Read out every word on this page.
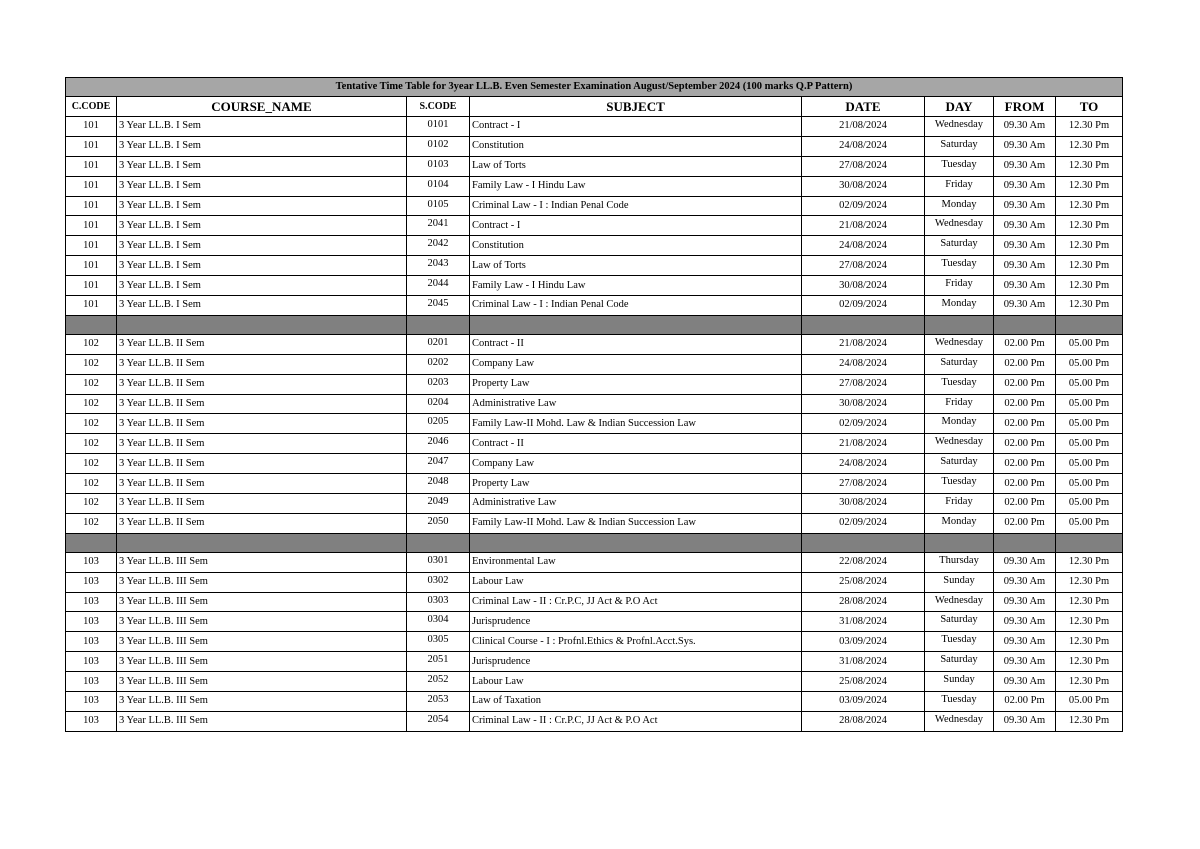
Tentative Time Table for 3year LL.B. Even Semester Examination August/September 2024 (100 marks Q.P Pattern)							
C.CODE	COURSE_NAME	S.CODE	SUBJECT	DATE	DAY	FROM	TO
101	3 Year LL.B. I Sem	0101	Contract - I	21/08/2024	Wednesday	09.30 Am	12.30 Pm
101	3 Year LL.B. I Sem	0102	Constitution	24/08/2024	Saturday	09.30 Am	12.30 Pm
101	3 Year LL.B. I Sem	0103	Law of Torts	27/08/2024	Tuesday	09.30 Am	12.30 Pm
101	3 Year LL.B. I Sem	0104	Family Law - I Hindu Law	30/08/2024	Friday	09.30 Am	12.30 Pm
101	3 Year LL.B. I Sem	0105	Criminal Law - I : Indian Penal Code	02/09/2024	Monday	09.30 Am	12.30 Pm
101	3 Year LL.B. I Sem	2041	Contract - I	21/08/2024	Wednesday	09.30 Am	12.30 Pm
101	3 Year LL.B. I Sem	2042	Constitution	24/08/2024	Saturday	09.30 Am	12.30 Pm
101	3 Year LL.B. I Sem	2043	Law of Torts	27/08/2024	Tuesday	09.30 Am	12.30 Pm
101	3 Year LL.B. I Sem	2044	Family Law - I Hindu Law	30/08/2024	Friday	09.30 Am	12.30 Pm
101	3 Year LL.B. I Sem	2045	Criminal Law - I : Indian Penal Code	02/09/2024	Monday	09.30 Am	12.30 Pm

102	3 Year LL.B. II Sem	0201	Contract - II	21/08/2024	Wednesday	02.00 Pm	05.00 Pm
102	3 Year LL.B. II Sem	0202	Company Law	24/08/2024	Saturday	02.00 Pm	05.00 Pm
102	3 Year LL.B. II Sem	0203	Property Law	27/08/2024	Tuesday	02.00 Pm	05.00 Pm
102	3 Year LL.B. II Sem	0204	Administrative Law	30/08/2024	Friday	02.00 Pm	05.00 Pm
102	3 Year LL.B. II Sem	0205	Family Law-II Mohd. Law & Indian Succession Law	02/09/2024	Monday	02.00 Pm	05.00 Pm
102	3 Year LL.B. II Sem	2046	Contract - II	21/08/2024	Wednesday	02.00 Pm	05.00 Pm
102	3 Year LL.B. II Sem	2047	Company Law	24/08/2024	Saturday	02.00 Pm	05.00 Pm
102	3 Year LL.B. II Sem	2048	Property Law	27/08/2024	Tuesday	02.00 Pm	05.00 Pm
102	3 Year LL.B. II Sem	2049	Administrative Law	30/08/2024	Friday	02.00 Pm	05.00 Pm
102	3 Year LL.B. II Sem	2050	Family Law-II Mohd. Law & Indian Succession Law	02/09/2024	Monday	02.00 Pm	05.00 Pm

103	3 Year LL.B. III Sem	0301	Environmental Law	22/08/2024	Thursday	09.30 Am	12.30 Pm
103	3 Year LL.B. III Sem	0302	Labour Law	25/08/2024	Sunday	09.30 Am	12.30 Pm
103	3 Year LL.B. III Sem	0303	Criminal Law - II : Cr.P.C, JJ Act & P.O Act	28/08/2024	Wednesday	09.30 Am	12.30 Pm
103	3 Year LL.B. III Sem	0304	Jurisprudence	31/08/2024	Saturday	09.30 Am	12.30 Pm
103	3 Year LL.B. III Sem	0305	Clinical Course - I : Profnl.Ethics & Profnl.Acct.Sys.	03/09/2024	Tuesday	09.30 Am	12.30 Pm
103	3 Year LL.B. III Sem	2051	Jurisprudence	31/08/2024	Saturday	09.30 Am	12.30 Pm
103	3 Year LL.B. III Sem	2052	Labour Law	25/08/2024	Sunday	09.30 Am	12.30 Pm
103	3 Year LL.B. III Sem	2053	Law of Taxation	03/09/2024	Tuesday	02.00 Pm	05.00 Pm
103	3 Year LL.B. III Sem	2054	Criminal Law - II : Cr.P.C, JJ Act & P.O Act	28/08/2024	Wednesday	09.30 Am	12.30 Pm
